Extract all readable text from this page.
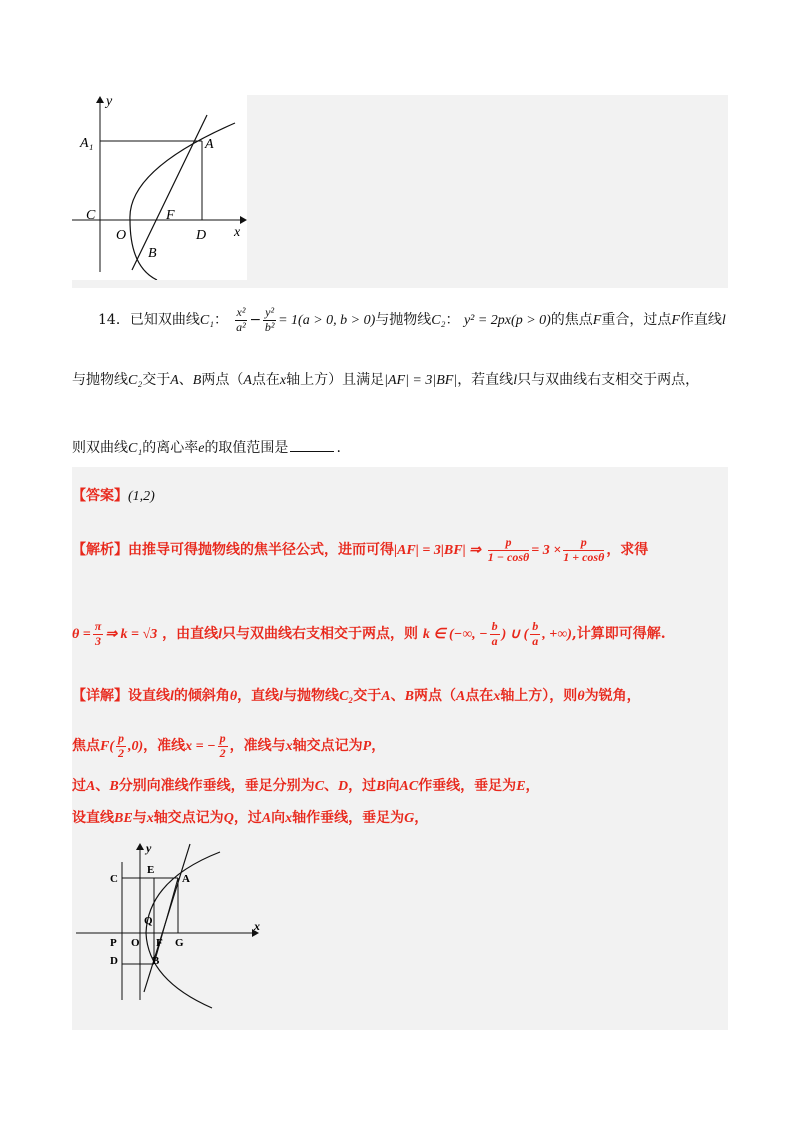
A₁	A
y
x
C	F
O	D
B
14．已知双曲线C₁： $\frac{\text{x²}}{\text{a²}} - \frac{\text{y²}}{\text{b²}} = 1(a > 0$, b > 0)与抛物线C₂： y² = 2px(p > 0)的焦点F重合，过点F作直线l
与抛物线C₂交于A、B两点（A点在x轴上方）且满足|AF| = 3|BF|，若直线l只与双曲线右支相交于两点，
则双曲线C₁的离心率e的取值范围是	.
【答案】(1,2)
【解析】由推导可得抛物线的焦半径公式，进而可得|AF| = 3|BF| ⇒ $\frac{p}{1 - \cos\theta} = 3 \times \frac{p}{1 + \cos\theta}$ ，求得
$\theta = \frac{\pi}{3}$ ⇒ k = √3 ，由直线l只与双曲线右支相交于两点，则 k ∈ (−∞, − $\frac{b}{a}$ ) ∪ ( $\frac{b}{a}$ , +∞),计算即可得解.
【详解】设直线l的倾斜角θ，直线l与抛物线C₂交于A、B两点（A点在x轴上方），则θ为锐角，
焦点$F( \frac{p}{2} ,0)$，准线x = − $\frac{p}{2}$ ，准线与x轴交点记为P，
过A、B分别向准线作垂线，垂足分别为C、D，过B向AC作垂线，垂足为E，
设直线BE与x轴交点记为Q，过A向x轴作垂线，垂足为G，
y
x
E
C	A
Q
P O F G
D	B
